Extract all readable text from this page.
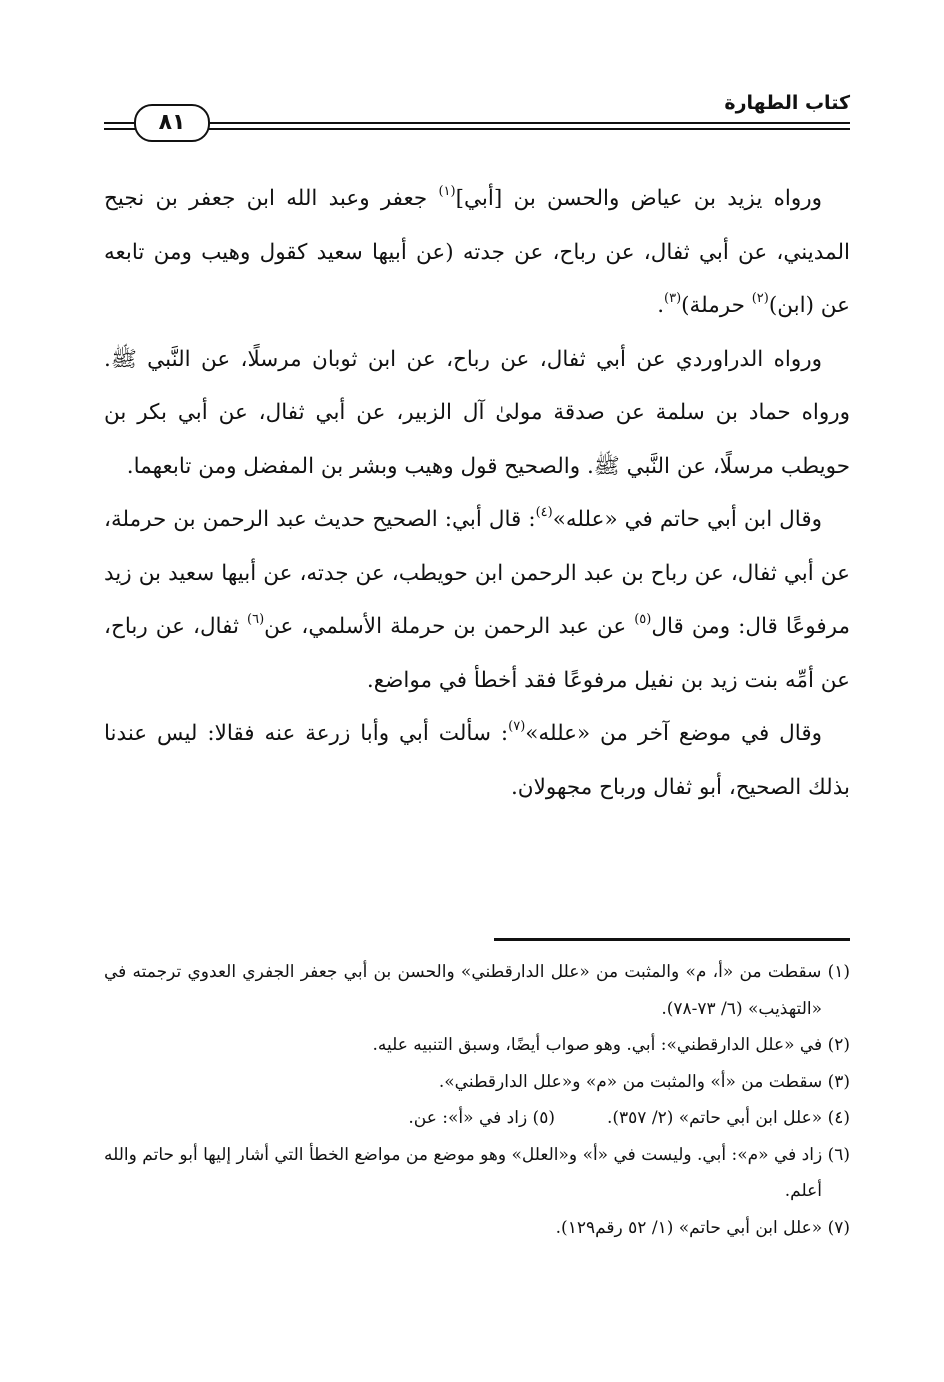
كتاب الطهارة
٨١

ورواه يزيد بن عياض والحسن بن [أبي]$^{(١)}$ جعفر وعبد الله ابن جعفر بن نجيح المديني، عن أبي ثفال، عن رباح، عن جدته (عن أبيها سعيد كقول وهيب ومن تابعه عن (ابن)$^{(٢)}$ حرملة)$^{(٣)}$.

ورواه الدراوردي عن أبي ثفال، عن رباح، عن ابن ثوبان مرسلًا، عن النَّبي ﷺ. ورواه حماد بن سلمة عن صدقة مولىٰ آل الزبير، عن أبي ثفال، عن أبي بكر بن حويطب مرسلًا، عن النَّبي ﷺ. والصحيح قول وهيب وبشر بن المفضل ومن تابعهما.

وقال ابن أبي حاتم في «علله»$^{(٤)}$: قال أبي: الصحيح حديث عبد الرحمن بن حرملة، عن أبي ثفال، عن رباح بن عبد الرحمن ابن حويطب، عن جدته، عن أبيها سعيد بن زيد مرفوعًا قال: ومن قال$^{(٥)}$ عن عبد الرحمن بن حرملة الأسلمي، عن$^{(٦)}$ ثفال، عن رباح، عن أمِّه بنت زيد بن نفيل مرفوعًا فقد أخطأ في مواضع.

وقال في موضع آخر من «علله»$^{(٧)}$: سألت أبي وأبا زرعة عنه فقالا: ليس عندنا بذلك الصحيح، أبو ثفال ورباح مجهولان.

(١) سقطت من «أ، م» والمثبت من «علل الدارقطني» والحسن بن أبي جعفر الجفري العدوي ترجمته في «التهذيب» (٦/ ٧٣-٧٨).

(٢) في «علل الدارقطني»: أبي. وهو صواب أيضًا، وسبق التنبيه عليه.

(٣) سقطت من «أ» والمثبت من «م» و«علل الدارقطني».

(٤) «علل ابن أبي حاتم» (٢/ ٣٥٧).
(٥) زاد في «أ»: عن.

(٦) زاد في «م»: أبي. وليست في «أ» و«العلل» وهو موضع من مواضع الخطأ التي أشار إليها أبو حاتم والله أعلم.

(٧) «علل ابن أبي حاتم» (١/ ٥٢ رقم١٢٩).
